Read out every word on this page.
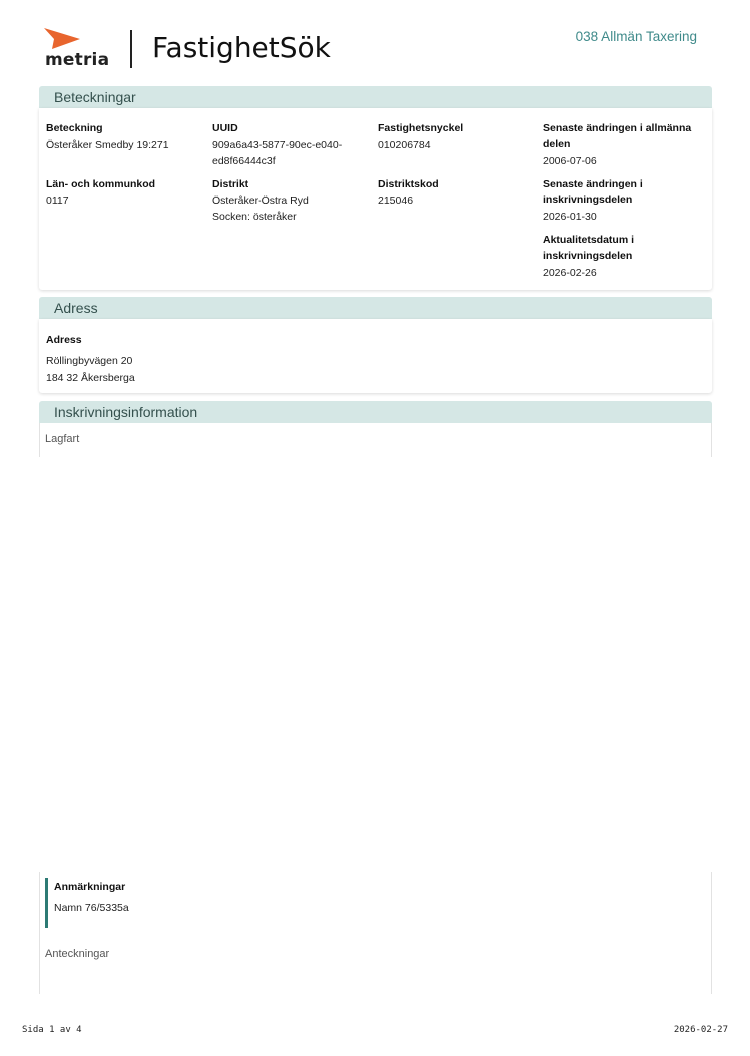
metria FastighetSök	038 Allmän Taxering
Beteckningar
Beteckning
Österåker Smedby 19:271
UUID
909a6a43-5877-90ec-e040-
ed8f66444c3f
Fastighetsnyckel
010206784
Senaste ändringen i allmänna
delen
2006-07-06
Län- och kommunkod
0117
Distrikt
Österåker-Östra Ryd
Socken: österåker
Distriktskod
215046
Senaste ändringen i
inskrivningsdelen
2026-01-30
Aktualitetsdatum i
inskrivningsdelen
2026-02-26
Adress
Adress
Röllingbyvägen 20
184 32 Åkersberga
Inskrivningsinformation
Lagfart
Anmärkningar
Namn 76/5335a
Anteckningar
Sida 1 av 4	2026-02-27
